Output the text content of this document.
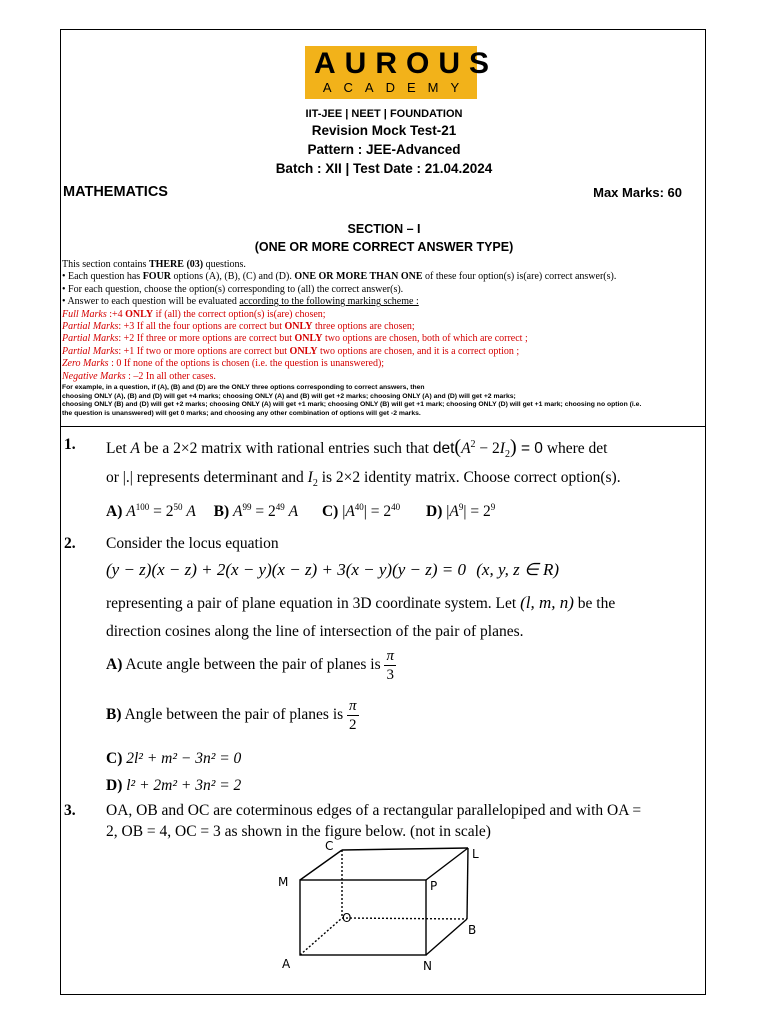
AUROUS
ACADEMY
IIT-JEE | NEET | FOUNDATION
Revision Mock Test-21
Pattern : JEE-Advanced
Batch : XII | Test Date : 21.04.2024
MATHEMATICS	Max Marks: 60
SECTION – I
(ONE OR MORE CORRECT ANSWER TYPE)
This section contains THERE (03) questions.
• Each question has FOUR options (A), (B), (C) and (D). ONE OR MORE THAN ONE of these four option(s) is(are) correct answer(s).
• For each question, choose the option(s) corresponding to (all) the correct answer(s).
• Answer to each question will be evaluated according to the following marking scheme :
Full Marks :+4 ONLY if (all) the correct option(s) is(are) chosen;
Partial Marks: +3 If all the four options are correct but ONLY three options are chosen;
Partial Marks: +2 If three or more options are correct but ONLY two options are chosen, both of which are correct ;
Partial Marks: +1 If two or more options are correct but ONLY two options are chosen, and it is a correct option ;
Zero Marks : 0 If none of the options is chosen (i.e. the question is unanswered);
Negative Marks : –2 In all other cases.
For example, in a question, if (A), (B) and (D) are the ONLY three options corresponding to correct answers, then
choosing ONLY (A), (B) and (D) will get +4 marks; choosing ONLY (A) and (B) will get +2 marks; choosing ONLY (A) and (D) will get +2 marks;
choosing ONLY (B) and (D) will get +2 marks; choosing ONLY (A) will get +1 mark; choosing ONLY (B) will get +1 mark; choosing ONLY (D) will get +1 mark; choosing no option (i.e.
the question is unanswered) will get 0 marks; and choosing any other combination of options will get -2 marks.
1. Let A be a 2×2 matrix with rational entries such that $\det(A^2 - 2I_2) = 0$ where det
or |.| represents determinant and $I_2$ is 2×2 identity matrix. Choose correct option(s).
A) $A^{100} = 2^{50}$ A B) $A^{99} = 2^{49}$ A C) $|A^{40}| = 2^{40}$ D) $|A^9| = 2^9$
2. Consider the locus equation
(y − z)(x − z) + 2(x − y)(x − z) + 3(x − y)(y − z) = 0 (x, y, z ∈ R)
representing a pair of plane equation in 3D coordinate system. Let (l, m, n) be the
direction cosines along the line of intersection of the pair of planes.
A) Acute angle between the pair of planes is $\frac{\pi}{3}$
B) Angle between the pair of planes is $\frac{\pi}{2}$
C) 2l² + m² − 3n² = 0
D) l² + 2m² + 3n² = 2
3. OA, OB and OC are coterminous edges of a rectangular parallelopiped and with OA =
2, OB = 4, OC = 3 as shown in the figure below. (not in scale)
C
L
M	P
O
B
A	N
